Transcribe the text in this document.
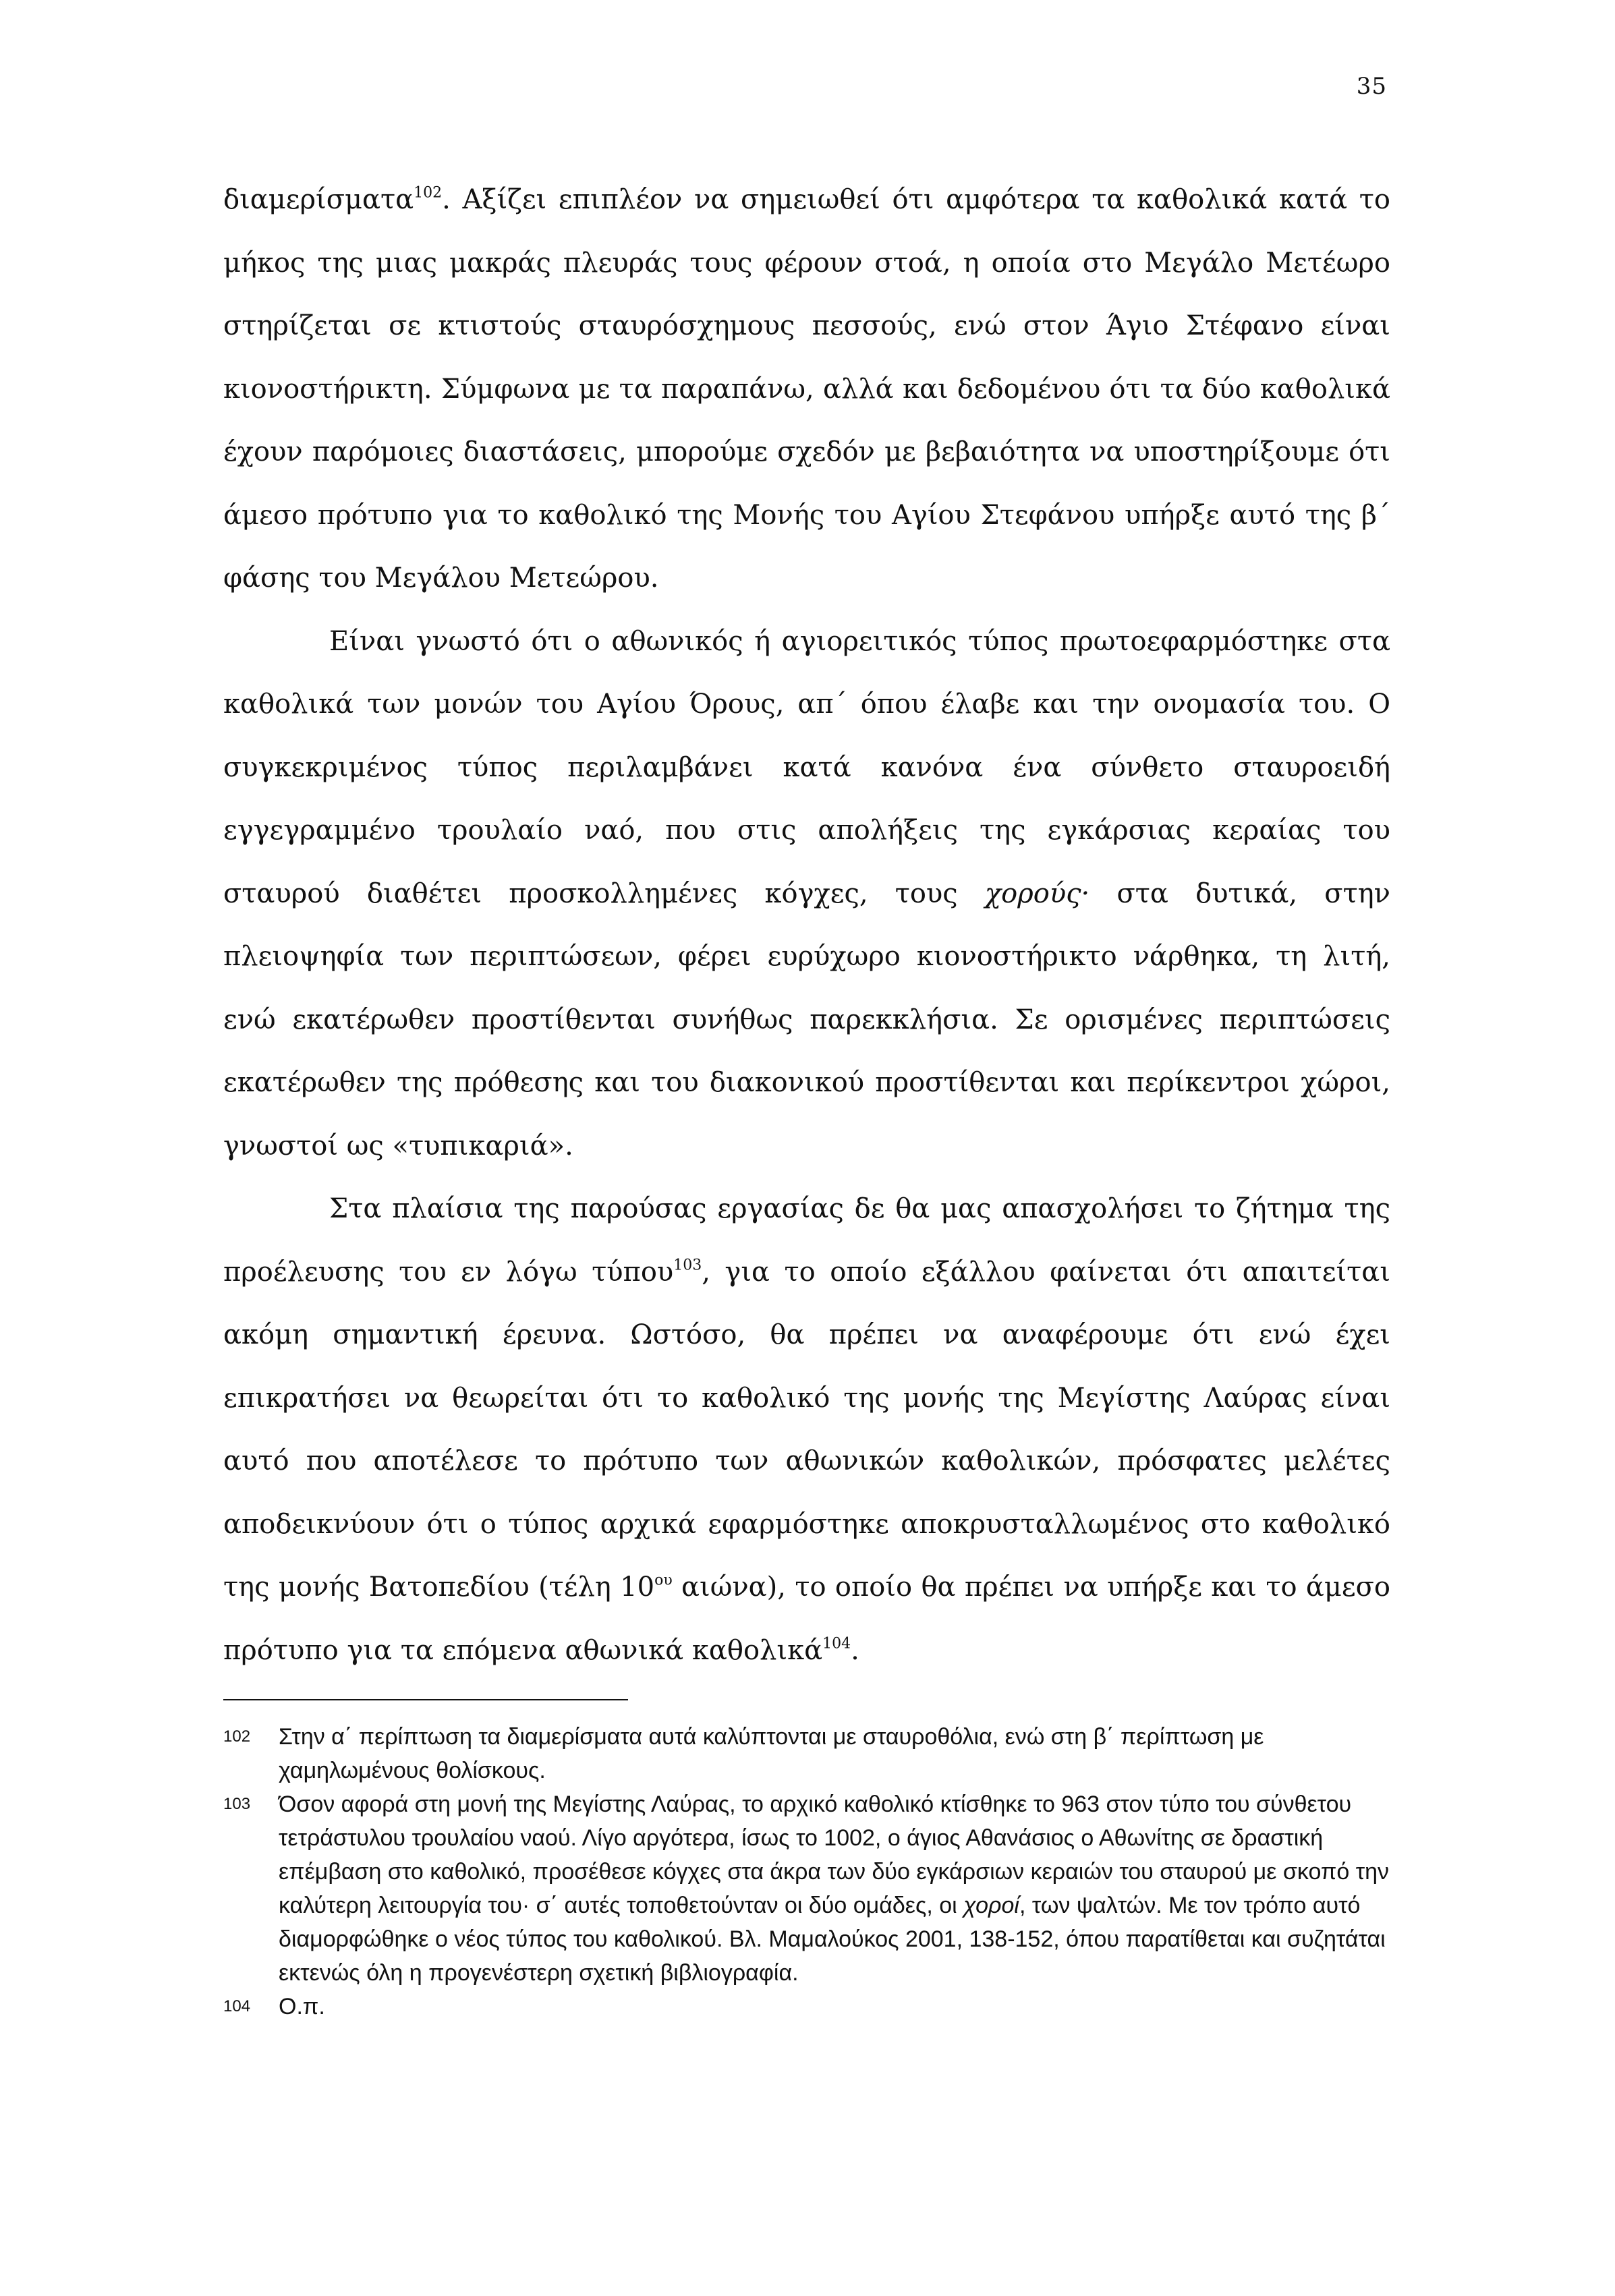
35

διαμερίσματα$^{102}$. Αξίζει επιπλέον να σημειωθεί ότι αμφότερα τα καθολικά κατά το μήκος της μιας μακράς πλευράς τους φέρουν στοά, η οποία στο Μεγάλο Μετέωρο στηρίζεται σε κτιστούς σταυρόσχημους πεσσούς, ενώ στον Άγιο Στέφανο είναι κιονοστήρικτη. Σύμφωνα με τα παραπάνω, αλλά και δεδομένου ότι τα δύο καθολικά έχουν παρόμοιες διαστάσεις, μπορούμε σχεδόν με βεβαιότητα να υποστηρίξουμε ότι άμεσο πρότυπο για το καθολικό της Μονής του Αγίου Στεφάνου υπήρξε αυτό της β΄ φάσης του Μεγάλου Μετεώρου.

Είναι γνωστό ότι ο αθωνικός ή αγιορειτικός τύπος πρωτοεφαρμόστηκε στα καθολικά των μονών του Αγίου Όρους, απ΄ όπου έλαβε και την ονομασία του. Ο συγκεκριμένος τύπος περιλαμβάνει κατά κανόνα ένα σύνθετο σταυροειδή εγγεγραμμένο τρουλαίο ναό, που στις απολήξεις της εγκάρσιας κεραίας του σταυρού διαθέτει προσκολλημένες κόγχες, τους χορούς· στα δυτικά, στην πλειοψηφία των περιπτώσεων, φέρει ευρύχωρο κιονοστήρικτο νάρθηκα, τη λιτή, ενώ εκατέρωθεν προστίθενται συνήθως παρεκκλήσια. Σε ορισμένες περιπτώσεις εκατέρωθεν της πρόθεσης και του διακονικού προστίθενται και περίκεντροι χώροι, γνωστοί ως «τυπικαριά».

Στα πλαίσια της παρούσας εργασίας δε θα μας απασχολήσει το ζήτημα της προέλευσης του εν λόγω τύπου$^{103}$, για το οποίο εξάλλου φαίνεται ότι απαιτείται ακόμη σημαντική έρευνα. Ωστόσο, θα πρέπει να αναφέρουμε ότι ενώ έχει επικρατήσει να θεωρείται ότι το καθολικό της μονής της Μεγίστης Λαύρας είναι αυτό που αποτέλεσε το πρότυπο των αθωνικών καθολικών, πρόσφατες μελέτες αποδεικνύουν ότι ο τύπος αρχικά εφαρμόστηκε αποκρυσταλλωμένος στο καθολικό της μονής Βατοπεδίου (τέλη $10^{o\upsilon}$ αιώνα), το οποίο θα πρέπει να υπήρξε και το άμεσο πρότυπο για τα επόμενα αθωνικά καθολικά$^{104}$.

102 Στην α΄ περίπτωση τα διαμερίσματα αυτά καλύπτονται με σταυροθόλια, ενώ στη β΄ περίπτωση με χαμηλωμένους θολίσκους.
103 Όσον αφορά στη μονή της Μεγίστης Λαύρας, το αρχικό καθολικό κτίσθηκε το 963 στον τύπο του σύνθετου τετράστυλου τρουλαίου ναού. Λίγο αργότερα, ίσως το 1002, ο άγιος Αθανάσιος ο Αθωνίτης σε δραστική επέμβαση στο καθολικό, προσέθεσε κόγχες στα άκρα των δύο εγκάρσιων κεραιών του σταυρού με σκοπό την καλύτερη λειτουργία του· σ΄ αυτές τοποθετούνταν οι δύο ομάδες, οι χοροί, των ψαλτών. Με τον τρόπο αυτό διαμορφώθηκε ο νέος τύπος του καθολικού. Βλ. Μαμαλούκος 2001, 138-152, όπου παρατίθεται και συζητάται εκτενώς όλη η προγενέστερη σχετική βιβλιογραφία.
104 Ο.π.
